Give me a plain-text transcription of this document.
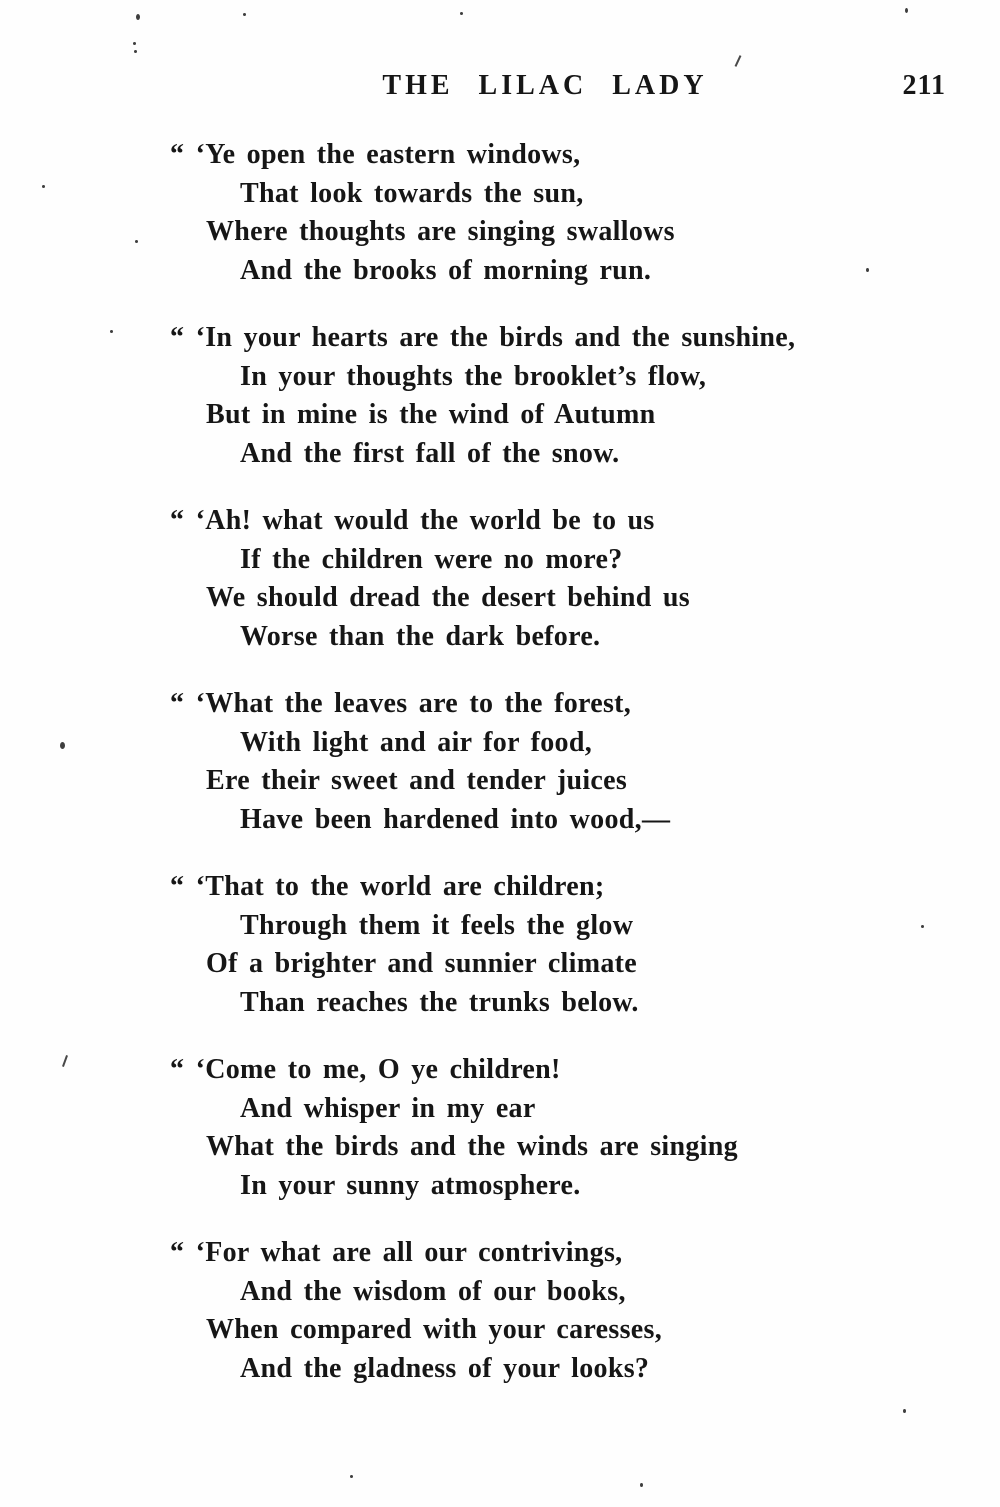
THE LILAC LADY	211

“ ‘Ye open the eastern windows,

That look towards the sun,

Where thoughts are singing swallows

And the brooks of morning run.

“ ‘In your hearts are the birds and the sunshine,

In your thoughts the brooklet’s flow,

But in mine is the wind of Autumn

And the first fall of the snow.

“ ‘Ah! what would the world be to us

If the children were no more?

We should dread the desert behind us

Worse than the dark before.

“ ‘What the leaves are to the forest,

With light and air for food,

Ere their sweet and tender juices

Have been hardened into wood,—

“ ‘That to the world are children;

Through them it feels the glow

Of a brighter and sunnier climate

Than reaches the trunks below.

“ ‘Come to me, O ye children!

And whisper in my ear

What the birds and the winds are singing

In your sunny atmosphere.

“ ‘For what are all our contrivings,

And the wisdom of our books,

When compared with your caresses,

And the gladness of your looks?
